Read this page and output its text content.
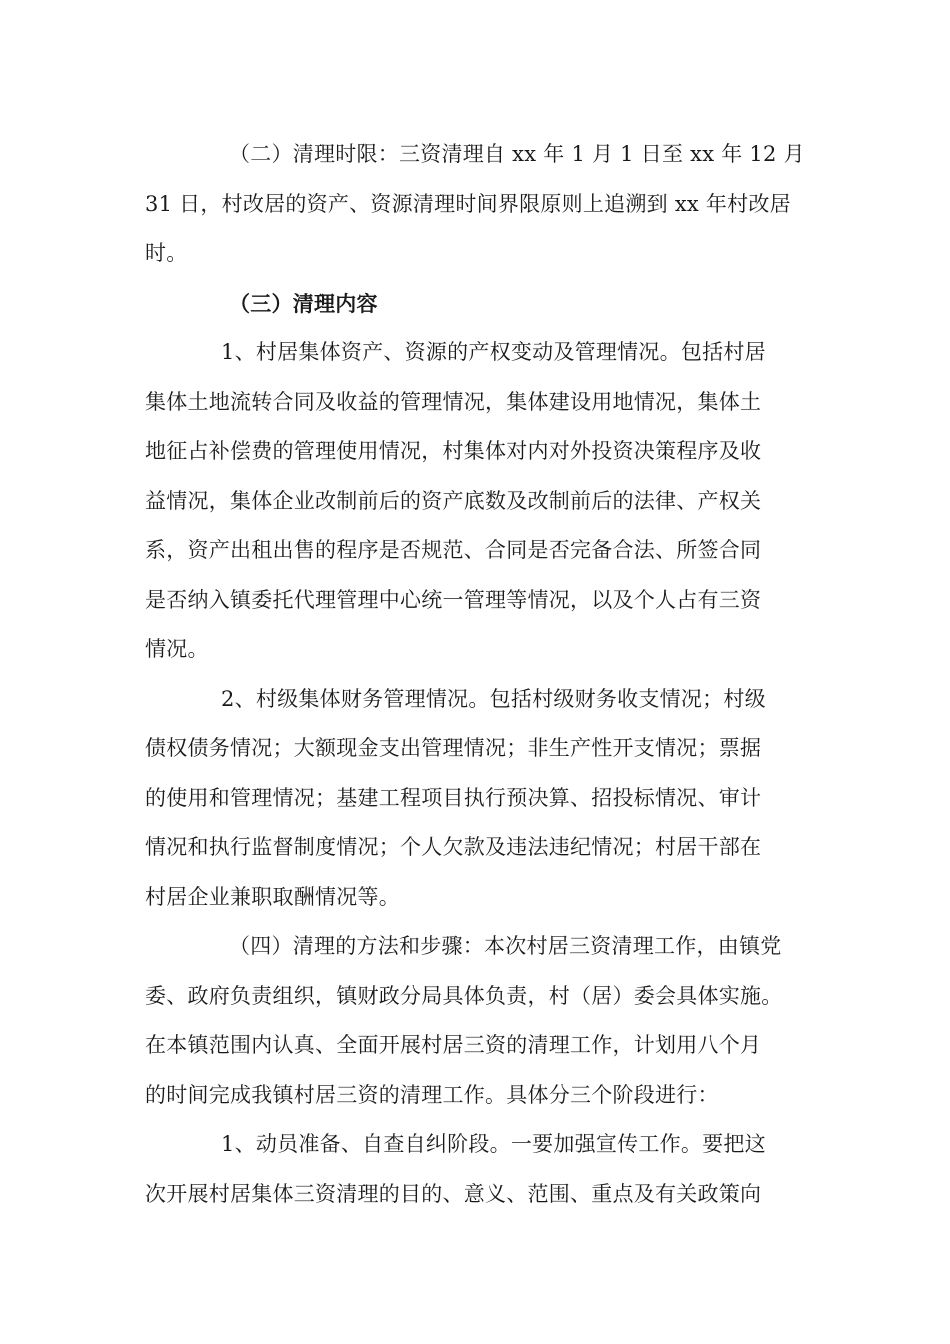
（二）清理时限：三资清理自 xx 年 1 月 1 日至 xx 年 12 月
31 日，村改居的资产、资源清理时间界限原则上追溯到 xx 年村改居
时。
（三）清理内容
1、村居集体资产、资源的产权变动及管理情况。包括村居
集体土地流转合同及收益的管理情况，集体建设用地情况，集体土
地征占补偿费的管理使用情况，村集体对内对外投资决策程序及收
益情况，集体企业改制前后的资产底数及改制前后的法律、产权关
系，资产出租出售的程序是否规范、合同是否完备合法、所签合同
是否纳入镇委托代理管理中心统一管理等情况，以及个人占有三资
情况。
2、村级集体财务管理情况。包括村级财务收支情况；村级
债权债务情况；大额现金支出管理情况；非生产性开支情况；票据
的使用和管理情况；基建工程项目执行预决算、招投标情况、审计
情况和执行监督制度情况；个人欠款及违法违纪情况；村居干部在
村居企业兼职取酬情况等。
（四）清理的方法和步骤：本次村居三资清理工作，由镇党
委、政府负责组织，镇财政分局具体负责，村（居）委会具体实施。
在本镇范围内认真、全面开展村居三资的清理工作，计划用八个月
的时间完成我镇村居三资的清理工作。具体分三个阶段进行：
1、动员准备、自查自纠阶段。一要加强宣传工作。要把这
次开展村居集体三资清理的目的、意义、范围、重点及有关政策向
